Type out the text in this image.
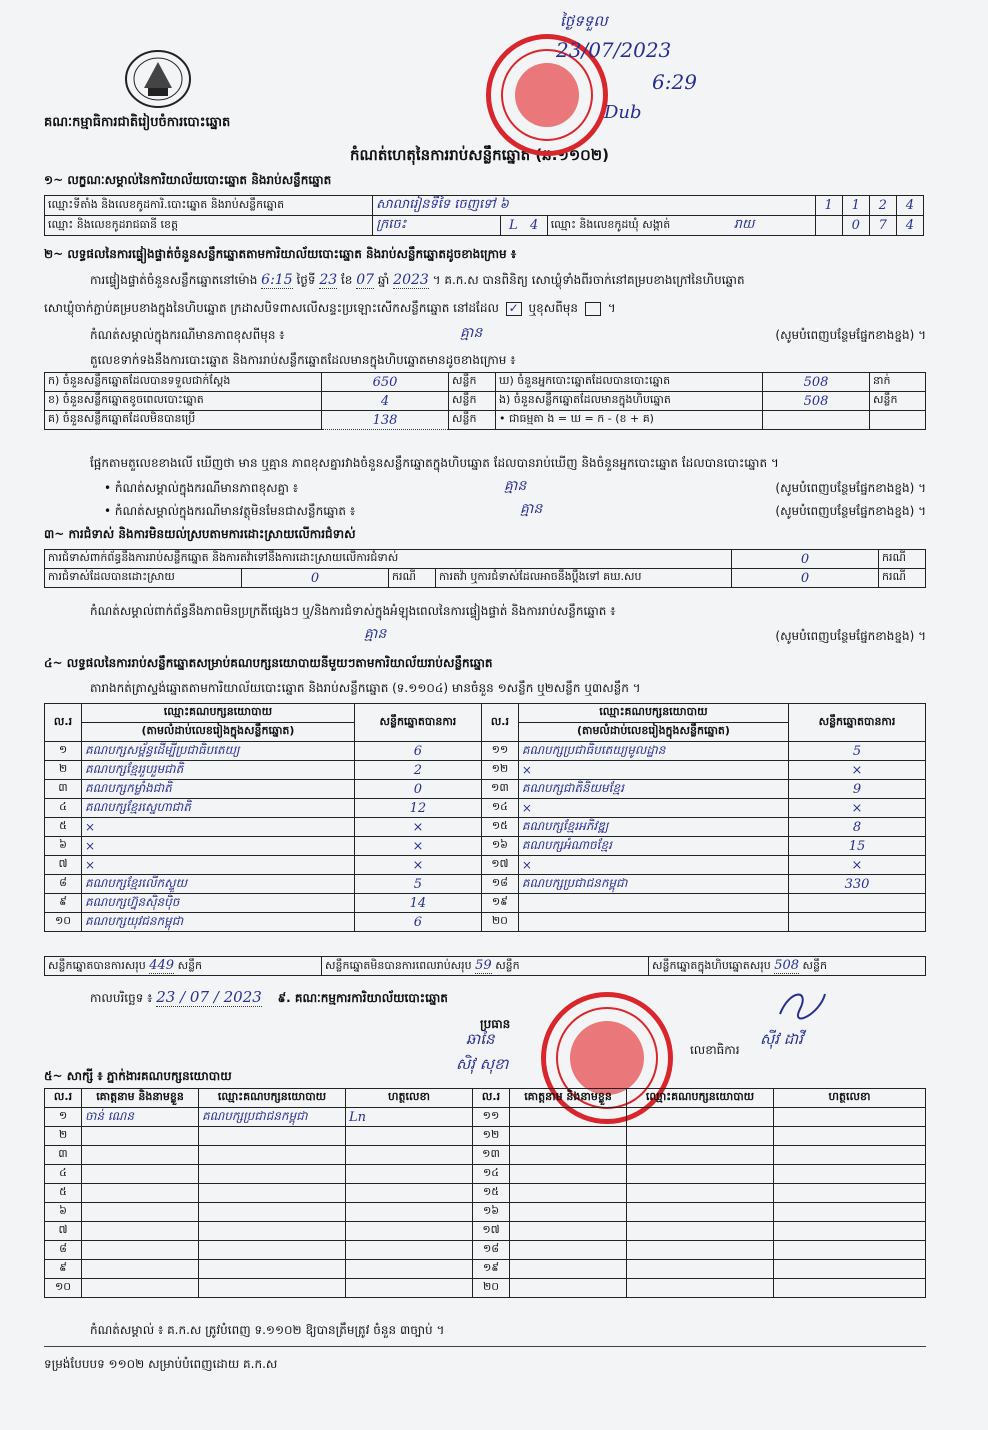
គណៈកម្មាធិការជាតិរៀបចំការបោះឆ្នោត
កំណត់ហេតុនៃការរាប់សន្លឹកឆ្នោត (ឆ.១១០២)
ថ្ងៃទទួល
23/07/2023
6:29
Dub
១~ លក្ខណៈសម្គាល់នៃការិយាល័យបោះឆ្នោត និងរាប់សន្លឹកឆ្នោត
ឈ្មោះទីតាំង និងលេខកូដការិ.បោះឆ្នោត និងរាប់សន្លឹកឆ្នោត	សាលារៀនទីទៃ ចេញទៅ ៦			1	1	2	4
ឈ្មោះ និងលេខកូដរាជធានី ខេត្ត	ក្រចេះ	L 4	ឈ្មោះ និងលេខកូដឃុំ សង្កាត់ រាយ		0	7	4
២~ លទ្ធផលនៃការផ្ទៀងផ្ទាត់ចំនួនសន្លឹកឆ្នោតតាមការិយាល័យបោះឆ្នោត និងរាប់សន្លឹកឆ្នោតដូចខាងក្រោម ៖
ការផ្ទៀងផ្ទាត់ចំនួនសន្លឹកឆ្នោតនៅម៉ោង 6:15 ថ្ងៃទី 23 ខែ 07 ឆ្នាំ 2023 ។ គ.ក.ស បានពិនិត្យ សោឃ្លុំទាំងពីរចាក់នៅគម្របខាងក្រៅនៃហិបឆ្នោត
សោឃ្លុំចាក់ភ្ជាប់គម្របខាងក្នុងនៃហិបឆ្នោត ក្រដាសបិទពាសលើសន្ទះប្រឡោះសើកសន្លឹកឆ្នោត នៅដដែល ✓ ឬខុសពីមុន  ។
កំណត់សម្គាល់ក្នុងករណីមានភាពខុសពីមុន ៖	គ្មាន	(សូមបំពេញបន្ថែមផ្នែកខាងខ្នង) ។
តួលេខទាក់ទងនឹងការបោះឆ្នោត និងការរាប់សន្លឹកឆ្នោតដែលមានក្នុងហិបឆ្នោតមានដូចខាងក្រោម ៖
ក) ចំនួនសន្លឹកឆ្នោតដែលបានទទួលជាក់ស្តែង	650	សន្លឹក	ឃ) ចំនួនអ្នកបោះឆ្នោតដែលបានបោះឆ្នោត	508	នាក់
ខ) ចំនួនសន្លឹកឆ្នោតខូចពេលបោះឆ្នោត	4	សន្លឹក	ង) ចំនួនសន្លឹកឆ្នោតដែលមានក្នុងហិបឆ្នោត	508	សន្លឹក
គ) ចំនួនសន្លឹកឆ្នោតដែលមិនបានប្រើ	138	សន្លឹក	• ជាធម្មតា ង = ឃ = ក - (ខ + គ)		
ផ្អែកតាមតួលេខខាងលើ ឃើញថា មាន ឬគ្មាន ភាពខុសគ្នារវាងចំនួនសន្លឹកឆ្នោតក្នុងហិបឆ្នោត ដែលបានរាប់ឃើញ និងចំនួនអ្នកបោះឆ្នោត ដែលបានបោះឆ្នោត ។
• កំណត់សម្គាល់ក្នុងករណីមានភាពខុសគ្នា ៖	គ្មាន	(សូមបំពេញបន្ថែមផ្នែកខាងខ្នង) ។
• កំណត់សម្គាល់ក្នុងករណីមានវត្ថុមិនមែនជាសន្លឹកឆ្នោត ៖	គ្មាន	(សូមបំពេញបន្ថែមផ្នែកខាងខ្នង) ។
៣~ ការជំទាស់ និងការមិនយល់ស្របតាមការដោះស្រាយលើការជំទាស់
ការជំទាស់ពាក់ព័ន្ធនឹងការរាប់សន្លឹកឆ្នោត និងការតវ៉ាទៅនឹងការដោះស្រាយលើការជំទាស់				0	ករណី
ការជំទាស់ដែលបានដោះស្រាយ	0	ករណី	ការតវ៉ា ឬការជំទាស់ដែលអាចនឹងប្តឹងទៅ គឃ.សប	0	ករណី
កំណត់សម្គាល់ពាក់ព័ន្ធនឹងភាពមិនប្រក្រតីផ្សេងៗ ឬ/និងការជំទាស់ក្នុងអំឡុងពេលនៃការផ្ទៀងផ្ទាត់ និងការរាប់សន្លឹកឆ្នោត ៖
គ្មាន	(សូមបំពេញបន្ថែមផ្នែកខាងខ្នង) ។
៤~ លទ្ធផលនៃការរាប់សន្លឹកឆ្នោតសម្រាប់គណបក្សនយោបាយនីមួយៗតាមការិយាល័យរាប់សន្លឹកឆ្នោត
តារាងកត់ត្រាស្ទង់ឆ្នោតតាមការិយាល័យបោះឆ្នោត និងរាប់សន្លឹកឆ្នោត (ទ.១១០៤) មានចំនួន ១សន្លឹក ឬ២សន្លឹក ឬ៣សន្លឹក ។
ល.រ	ឈ្មោះគណបក្សនយោបាយ	សន្លឹកឆ្នោតបានការ	ល.រ	ឈ្មោះគណបក្សនយោបាយ	សន្លឹកឆ្នោតបានការ
	(តាមលំដាប់លេខរៀងក្នុងសន្លឹកឆ្នោត)			(តាមលំដាប់លេខរៀងក្នុងសន្លឹកឆ្នោត)	
១	គណបក្សសម្ព័ន្ធដើម្បីប្រជាធិបតេយ្យ	6	១១	គណបក្សប្រជាធិបតេយ្យមូលដ្ឋាន	5
២	គណបក្សខ្មែររួបរួមជាតិ	2	១២	×	×
៣	គណបក្សកម្លាំងជាតិ	0	១៣	គណបក្សជាតិនិយមខ្មែរ	9
៤	គណបក្សខ្មែរស្នេហាជាតិ	12	១៤	×	×
៥	×	×	១៥	គណបក្សខ្មែរអភិវឌ្ឍ	8
៦	×	×	១៦	គណបក្សអំណាចខ្មែរ	15
៧	×	×	១៧	×	×
៨	គណបក្សខ្មែរលើកស្ទួយ	5	១៨	គណបក្សប្រជាជនកម្ពុជា	330
៩	គណបក្សហ្វ៊ុនស៊ិនប៉ិច	14	១៩		
១០	គណបក្សយុវជនកម្ពុជា	6	២០		
សន្លឹកឆ្នោតបានការសរុប 449 សន្លឹក	សន្លឹកឆ្នោតមិនបានការពេលរាប់សរុប 59 សន្លឹក	សន្លឹកឆ្នោតក្នុងហិបឆ្នោតសរុប 508 សន្លឹក
កាលបរិច្ឆេទ ៖ 23 / 07 / 2023 ៩. គណៈកម្មការការិយាល័យបោះឆ្នោត
ប្រធាន
ឆានៃ
សិវុ សុខា
លេខាធិការ
ស៊ីវ ដាវី
៥~ សាក្សី ៖ ភ្នាក់ងារគណបក្សនយោបាយ
ល.រ	គោត្តនាម និងនាមខ្លួន	ឈ្មោះគណបក្សនយោបាយ	ហត្ថលេខា	ល.រ	គោត្តនាម និងនាមខ្លួន	ឈ្មោះគណបក្សនយោបាយ	ហត្ថលេខា
១	ចាន់ ណេន	គណបក្សប្រជាជនកម្ពុជា	Ln	១១			
២				១២			
៣				១៣			
៤				១៤			
៥				១៥			
៦				១៦			
៧				១៧			
៨				១៨			
៩				១៩			
១០				២០			
កំណត់សម្គាល់ ៖ គ.ក.ស ត្រូវបំពេញ ទ.១១០២ ឱ្យបានត្រឹមត្រូវ ចំនួន ៣ច្បាប់ ។
ទម្រង់បែបបទ ១១០២ សម្រាប់បំពេញដោយ គ.ក.ស
